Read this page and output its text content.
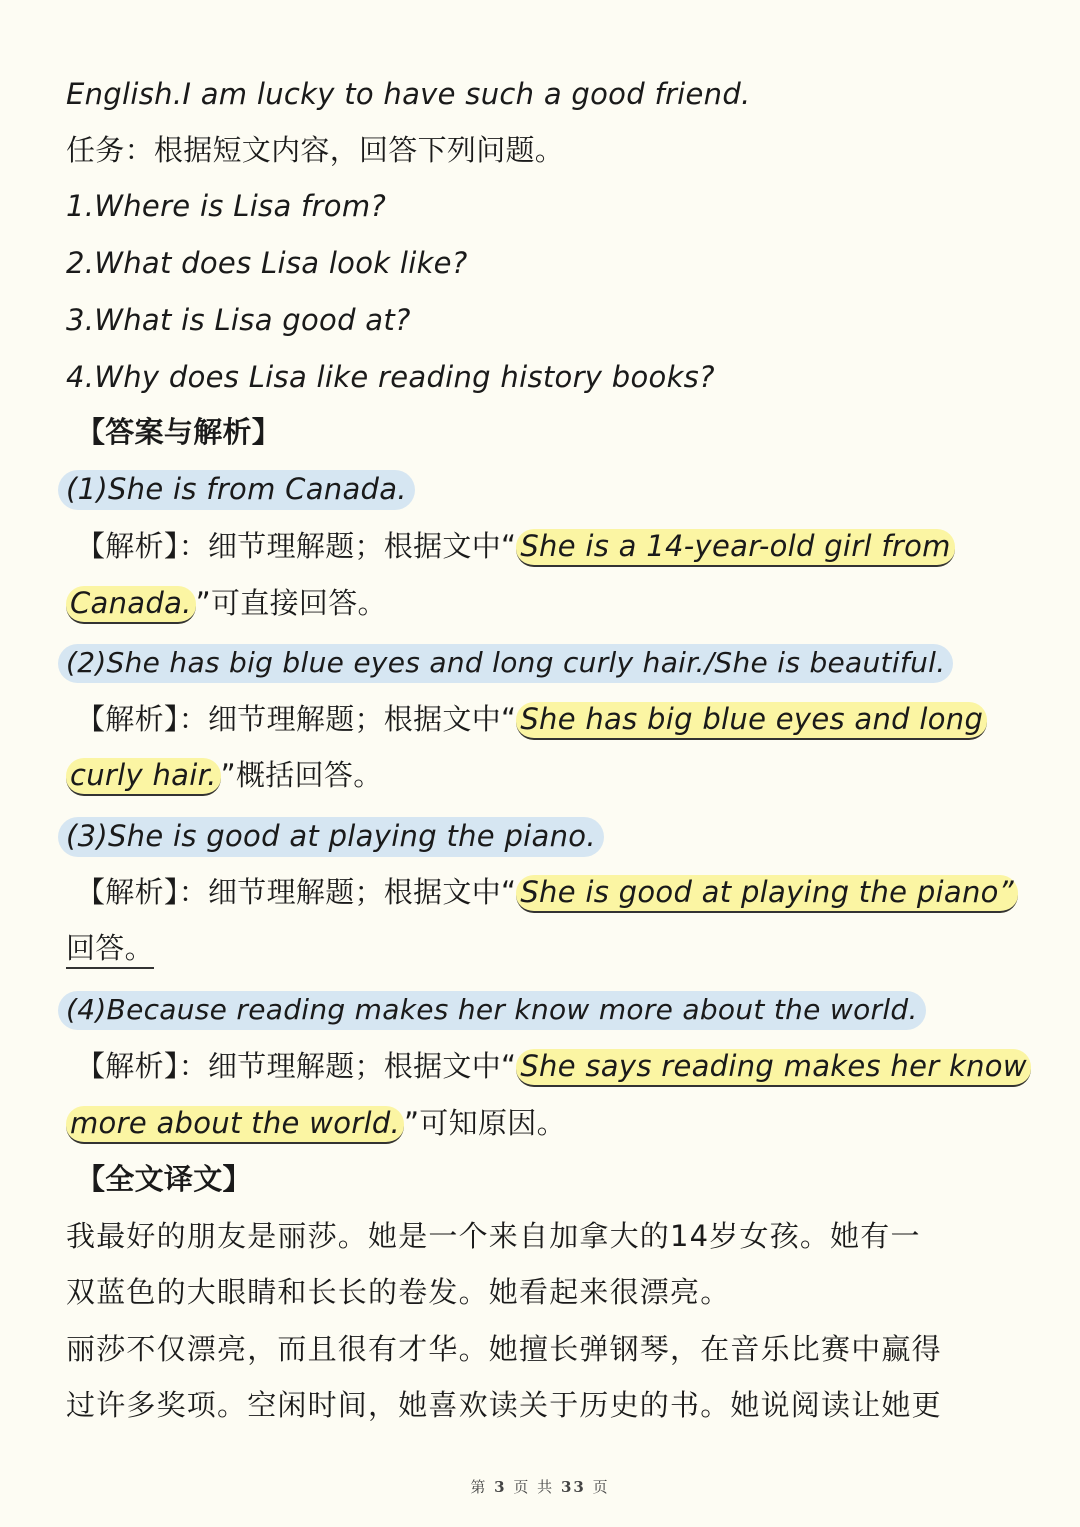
English.I am lucky to have such a good friend.
任务：根据短文内容，回答下列问题。
1.Where is Lisa from?
2.What does Lisa look like?
3.What is Lisa good at?
4.Why does Lisa like reading history books?
【答案与解析】
(1)She is from Canada.
【解析】：细节理解题；根据文中“ She is a 14-year-old girl from
Canada. ”可直接回答。
(2)She has big blue eyes and long curly hair./She is beautiful.
【解析】：细节理解题；根据文中“ She has big blue eyes and long
curly hair. ”概括回答。
(3)She is good at playing the piano.
【解析】：细节理解题；根据文中“ She is good at playing the piano”
回答。
(4)Because reading makes her know more about the world.
【解析】：细节理解题；根据文中“ She says reading makes her know
more about the world. ”可知原因。
【全文译文】
我最好的朋友是丽莎。她是一个来自加拿大的14岁女孩。她有一
双蓝色的大眼睛和长长的卷发。她看起来很漂亮。
丽莎不仅漂亮，而且很有才华。她擅长弹钢琴，在音乐比赛中赢得
过许多奖项。空闲时间，她喜欢读关于历史的书。她说阅读让她更
第 3 页 共 33 页
